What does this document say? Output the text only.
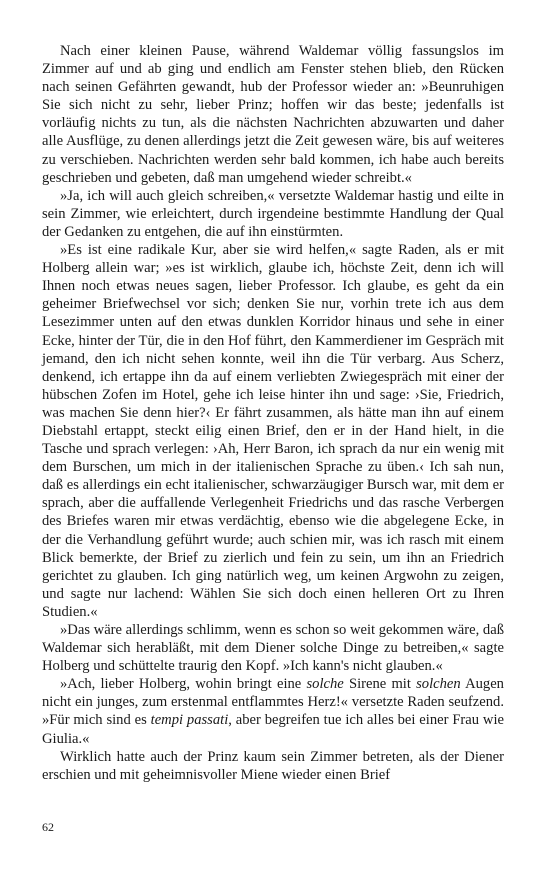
Nach einer kleinen Pause, während Waldemar völlig fassungslos im Zimmer auf und ab ging und endlich am Fenster stehen blieb, den Rücken nach seinen Gefährten gewandt, hub der Professor wieder an: »Beunruhigen Sie sich nicht zu sehr, lieber Prinz; hoffen wir das beste; jedenfalls ist vorläufig nichts zu tun, als die nächsten Nachrichten abzuwarten und daher alle Ausflüge, zu denen allerdings jetzt die Zeit gewesen wäre, bis auf weiteres zu verschieben. Nachrichten werden sehr bald kommen, ich habe auch bereits geschrieben und gebeten, daß man umgehend wieder schreibt.«

»Ja, ich will auch gleich schreiben,« versetzte Waldemar hastig und eilte in sein Zimmer, wie erleichtert, durch irgendeine bestimmte Handlung der Qual der Gedanken zu entgehen, die auf ihn einstürmten.

»Es ist eine radikale Kur, aber sie wird helfen,« sagte Raden, als er mit Holberg allein war; »es ist wirklich, glaube ich, höchste Zeit, denn ich will Ihnen noch etwas neues sagen, lieber Professor. Ich glaube, es geht da ein geheimer Briefwechsel vor sich; denken Sie nur, vorhin trete ich aus dem Lesezimmer unten auf den etwas dunklen Korridor hinaus und sehe in einer Ecke, hinter der Tür, die in den Hof führt, den Kammerdiener im Gespräch mit jemand, den ich nicht sehen konnte, weil ihn die Tür verbarg. Aus Scherz, denkend, ich ertappe ihn da auf einem verliebten Zwiegespräch mit einer der hübschen Zofen im Hotel, gehe ich leise hinter ihn und sage: ›Sie, Friedrich, was machen Sie denn hier?‹ Er fährt zusammen, als hätte man ihn auf einem Diebstahl ertappt, steckt eilig einen Brief, den er in der Hand hielt, in die Tasche und sprach verlegen: ›Ah, Herr Baron, ich sprach da nur ein wenig mit dem Burschen, um mich in der italienischen Sprache zu üben.‹ Ich sah nun, daß es allerdings ein echt italienischer, schwarzäugiger Bursch war, mit dem er sprach, aber die auffallende Verlegenheit Friedrichs und das rasche Verbergen des Briefes waren mir etwas verdächtig, ebenso wie die abgelegene Ecke, in der die Verhandlung geführt wurde; auch schien mir, was ich rasch mit einem Blick bemerkte, der Brief zu zierlich und fein zu sein, um ihn an Friedrich gerichtet zu glauben. Ich ging natürlich weg, um keinen Argwohn zu zeigen, und sagte nur lachend: Wählen Sie sich doch einen helleren Ort zu Ihren Studien.«

»Das wäre allerdings schlimm, wenn es schon so weit gekommen wäre, daß Waldemar sich herabläßt, mit dem Diener solche Dinge zu betreiben,« sagte Holberg und schüttelte traurig den Kopf. »Ich kann's nicht glauben.«

»Ach, lieber Holberg, wohin bringt eine solche Sirene mit solchen Augen nicht ein junges, zum erstenmal entflammtes Herz!« versetzte Raden seufzend. »Für mich sind es tempi passati, aber begreifen tue ich alles bei einer Frau wie Giulia.«

Wirklich hatte auch der Prinz kaum sein Zimmer betreten, als der Diener erschien und mit geheimnisvoller Miene wieder einen Brief

62
